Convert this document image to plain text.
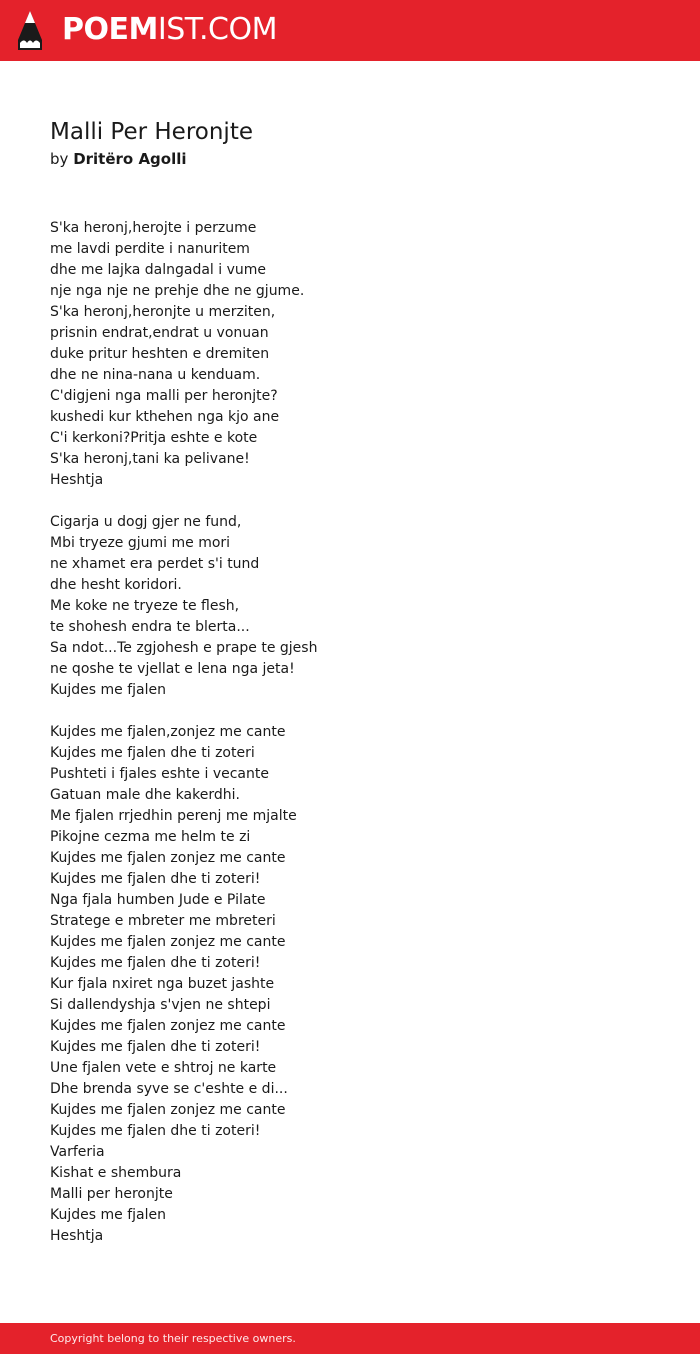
POEMIST.COM
Malli Per Heronjte
by Dritëro Agolli
S'ka heronj,herojte i perzume
me lavdi perdite i nanuritem
dhe me lajka dalngadal i vume
nje nga nje ne prehje dhe ne gjume.
S'ka heronj,heronjte u merziten,
prisnin endrat,endrat u vonuan
duke pritur heshten e dremiten
dhe ne nina-nana u kenduam.
C'digjeni nga malli per heronjte?
kushedi kur kthehen nga kjo ane
C'i kerkoni?Pritja eshte e kote
S'ka heronj,tani ka pelivane!
Heshtja
Cigarja u dogj gjer ne fund,
Mbi tryeze gjumi me mori
ne xhamet era perdet s'i tund
dhe hesht koridori.
Me koke ne tryeze te flesh,
te shohesh endra te blerta...
Sa ndot...Te zgjohesh e prape te gjesh
ne qoshe te vjellat e lena nga jeta!
Kujdes me fjalen
Kujdes me fjalen,zonjez me cante
Kujdes me fjalen dhe ti zoteri
Pushteti i fjales eshte i vecante
Gatuan male dhe kakerdhi.
Me fjalen rrjedhin perenj me mjalte
Pikojne cezma me helm te zi
Kujdes me fjalen zonjez me cante
Kujdes me fjalen dhe ti zoteri!
Nga fjala humben Jude e Pilate
Stratege e mbreter me mbreteri
Kujdes me fjalen zonjez me cante
Kujdes me fjalen dhe ti zoteri!
Kur fjala nxiret nga buzet jashte
Si dallendyshja s'vjen ne shtepi
Kujdes me fjalen zonjez me cante
Kujdes me fjalen dhe ti zoteri!
Une fjalen vete e shtroj ne karte
Dhe brenda syve se c'eshte e di...
Kujdes me fjalen zonjez me cante
Kujdes me fjalen dhe ti zoteri!
Varferia
Kishat e shembura
Malli per heronjte
Kujdes me fjalen
Heshtja
Copyright belong to their respective owners.
